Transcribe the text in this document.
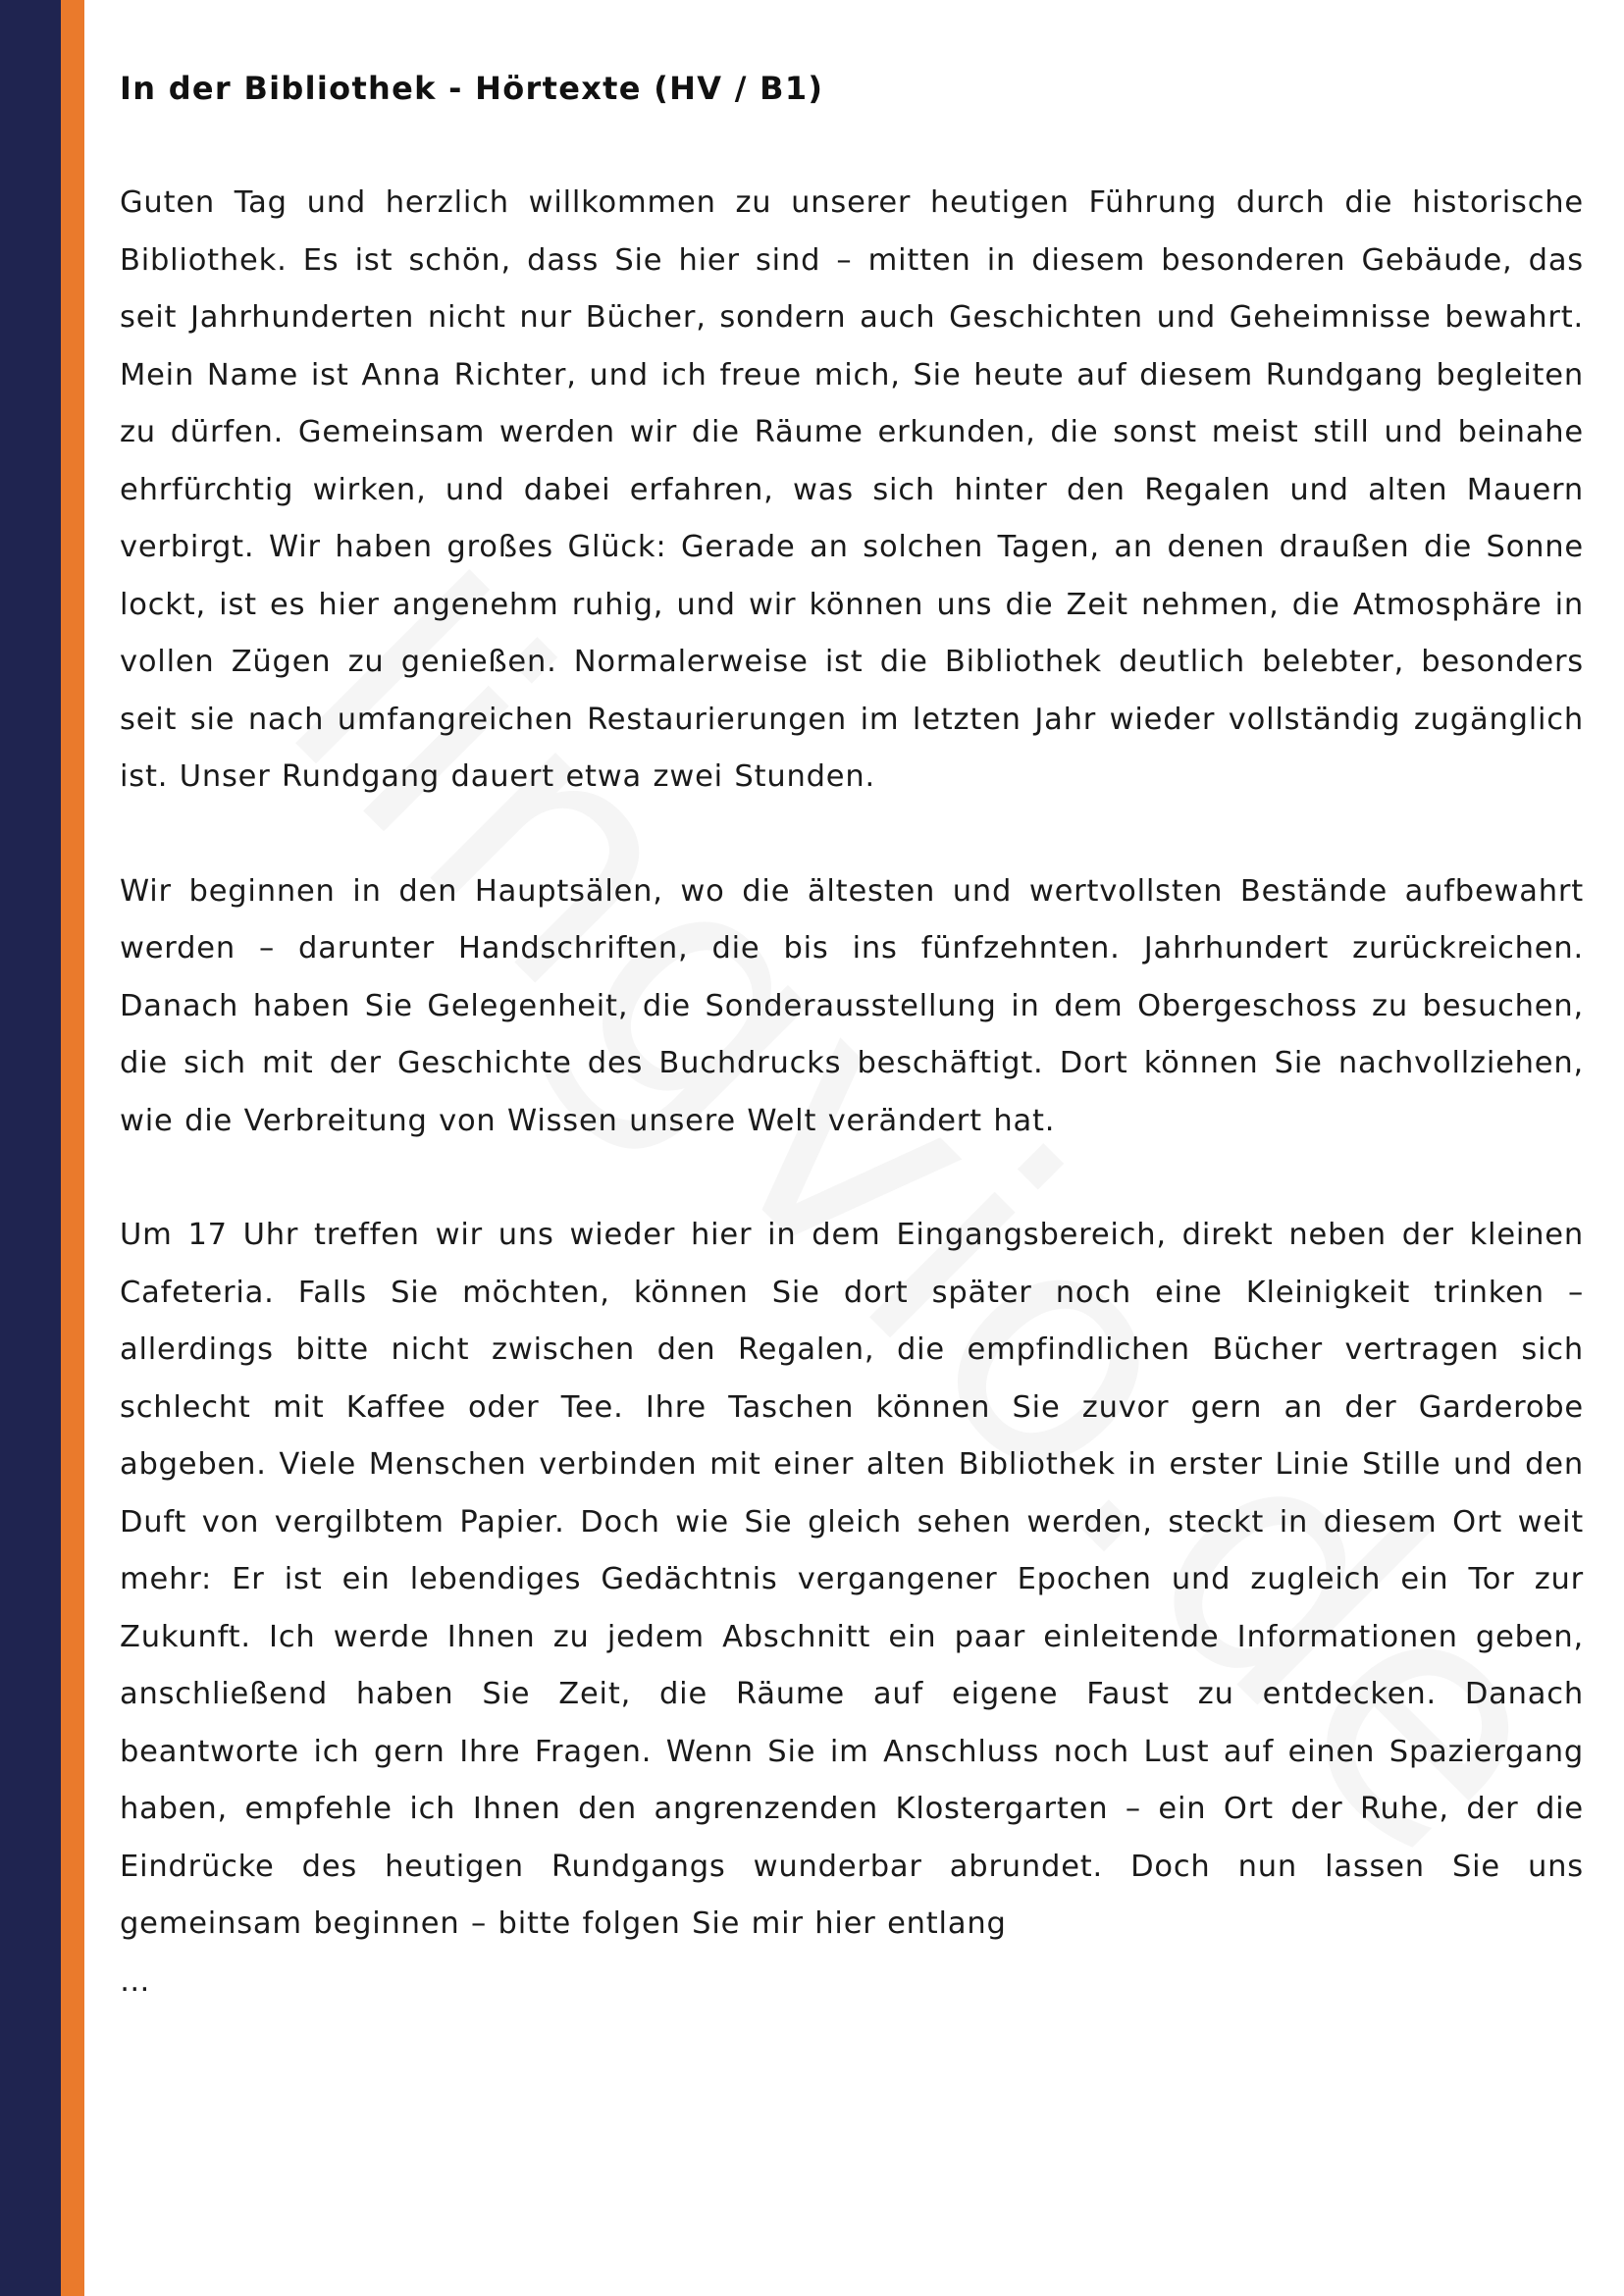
In der Bibliothek - Hörtexte (HV / B1)

Guten Tag und herzlich willkommen zu unserer heutigen Führung durch die historische Bibliothek. Es ist schön, dass Sie hier sind – mitten in diesem besonderen Gebäude, das seit Jahrhunderten nicht nur Bücher, sondern auch Geschichten und Geheimnisse bewahrt. Mein Name ist Anna Richter, und ich freue mich, Sie heute auf diesem Rundgang begleiten zu dürfen. Gemeinsam werden wir die Räume erkunden, die sonst meist still und beinahe ehrfürchtig wirken, und dabei erfahren, was sich hinter den Regalen und alten Mauern verbirgt. Wir haben großes Glück: Gerade an solchen Tagen, an denen draußen die Sonne lockt, ist es hier angenehm ruhig, und wir können uns die Zeit nehmen, die Atmosphäre in vollen Zügen zu genießen. Normalerweise ist die Bibliothek deutlich belebter, besonders seit sie nach umfangreichen Restaurierungen im letzten Jahr wieder vollständig zugänglich ist. Unser Rundgang dauert etwa zwei Stunden.

Wir beginnen in den Hauptsälen, wo die ältesten und wertvollsten Bestände aufbewahrt werden – darunter Handschriften, die bis ins fünfzehnten. Jahrhundert zurückreichen. Danach haben Sie Gelegenheit, die Sonderausstellung in dem Obergeschoss zu besuchen, die sich mit der Geschichte des Buchdrucks beschäftigt. Dort können Sie nachvollziehen, wie die Verbreitung von Wissen unsere Welt verändert hat.

Um 17 Uhr treffen wir uns wieder hier in dem Eingangsbereich, direkt neben der kleinen Cafeteria. Falls Sie möchten, können Sie dort später noch eine Kleinigkeit trinken – allerdings bitte nicht zwischen den Regalen, die empfindlichen Bücher vertragen sich schlecht mit Kaffee oder Tee. Ihre Taschen können Sie zuvor gern an der Garderobe abgeben. Viele Menschen verbinden mit einer alten Bibliothek in erster Linie Stille und den Duft von vergilbtem Papier. Doch wie Sie gleich sehen werden, steckt in diesem Ort weit mehr: Er ist ein lebendiges Gedächtnis vergangener Epochen und zugleich ein Tor zur Zukunft. Ich werde Ihnen zu jedem Abschnitt ein paar einleitende Informationen geben, anschließend haben Sie Zeit, die Räume auf eigene Faust zu entdecken. Danach beantworte ich gern Ihre Fragen. Wenn Sie im Anschluss noch Lust auf einen Spaziergang haben, empfehle ich Ihnen den angrenzenden Klostergarten – ein Ort der Ruhe, der die Eindrücke des heutigen Rundgangs wunderbar abrundet. Doch nun lassen Sie uns gemeinsam beginnen – bitte folgen Sie mir hier entlang

…
